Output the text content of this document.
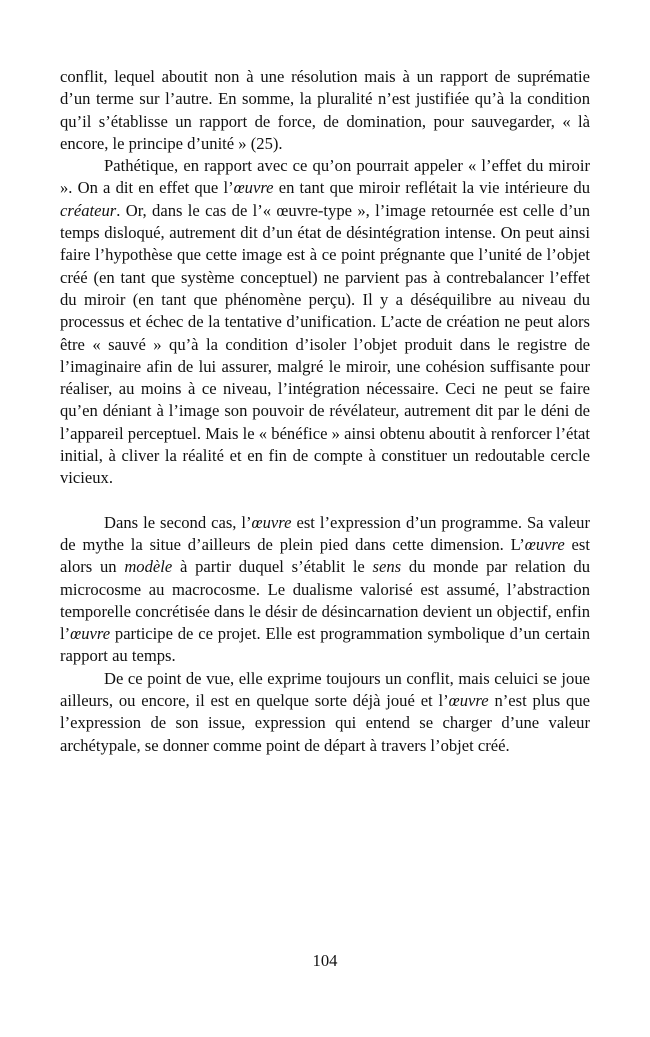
conflit, lequel aboutit non à une résolution mais à un rapport de suprématie d’un terme sur l’autre. En somme, la pluralité n’est justifiée qu’à la condition qu’il s’établisse un rapport de force, de domination, pour sauvegarder, « là encore, le principe d’unité » (25).

Pathétique, en rapport avec ce qu’on pourrait appeler « l’effet du miroir ». On a dit en effet que l’œuvre en tant que miroir reflétait la vie intérieure du créateur. Or, dans le cas de l’« œuvre-type », l’image retournée est celle d’un temps disloqué, autrement dit d’un état de désintégration intense. On peut ainsi faire l’hypothèse que cette image est à ce point prégnante que l’unité de l’objet créé (en tant que système conceptuel) ne parvient pas à contrebalancer l’effet du miroir (en tant que phénomène perçu). Il y a déséquilibre au niveau du processus et échec de la tentative d’unification. L’acte de création ne peut alors être « sauvé » qu’à la condition d’isoler l’objet produit dans le registre de l’imaginaire afin de lui assurer, malgré le miroir, une cohésion suffisante pour réaliser, au moins à ce niveau, l’intégration nécessaire. Ceci ne peut se faire qu’en déniant à l’image son pouvoir de révélateur, autrement dit par le déni de l’appareil perceptuel. Mais le « bénéfice » ainsi obtenu aboutit à renforcer l’état initial, à cliver la réalité et en fin de compte à constituer un redoutable cercle vicieux.

Dans le second cas, l’œuvre est l’expression d’un programme. Sa valeur de mythe la situe d’ailleurs de plein pied dans cette dimension. L’œuvre est alors un modèle à partir duquel s’établit le sens du monde par relation du microcosme au macrocosme. Le dualisme valorisé est assumé, l’abstraction temporelle concrétisée dans le désir de désincarnation devient un objectif, enfin l’œuvre participe de ce projet. Elle est programmation symbolique d’un certain rapport au temps.

De ce point de vue, elle exprime toujours un conflit, mais celuici se joue ailleurs, ou encore, il est en quelque sorte déjà joué et l’œuvre n’est plus que l’expression de son issue, expression qui entend se charger d’une valeur archétypale, se donner comme point de départ à travers l’objet créé.

104
